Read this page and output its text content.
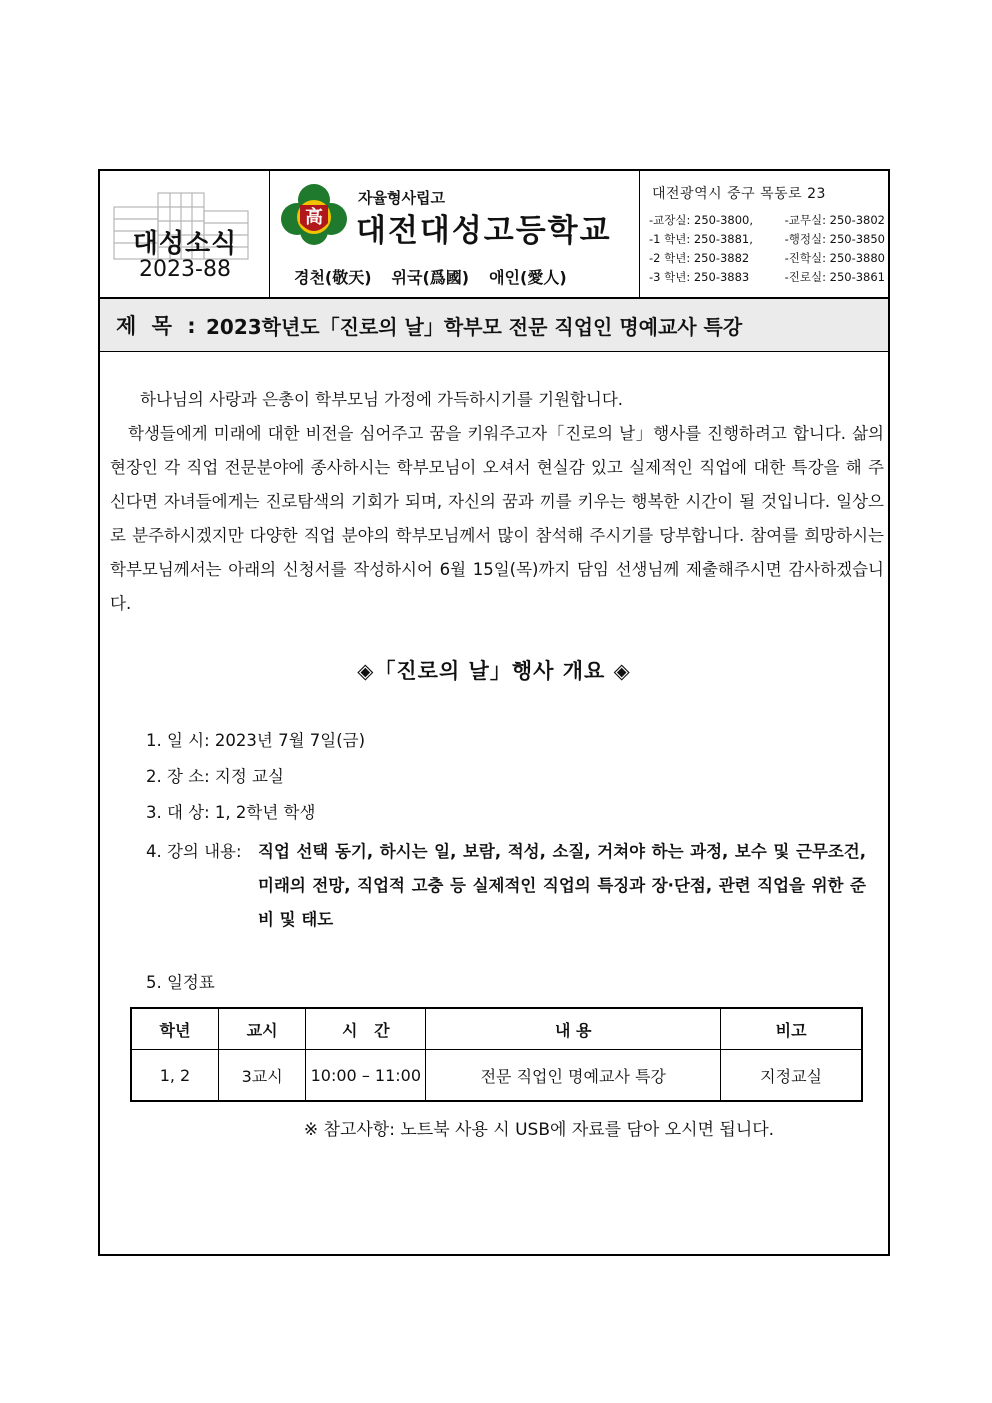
대성소식
2023-88
高
자율형사립고
대전대성고등학교
경천(敬天) 위국(爲國) 애인(愛人)
대전광역시 중구 목동로 23
-교장실: 250-3800,	-교무실: 250-3802
-1 학년: 250-3881,	-행정실: 250-3850
-2 학년: 250-3882	-진학실: 250-3880
-3 학년: 250-3883	-진로실: 250-3861
제 목 : 2023학년도「진로의 날」학부모 전문 직업인 명예교사 특강
하나님의 사랑과 은총이 학부모님 가정에 가득하시기를 기원합니다.
학생들에게 미래에 대한 비전을 심어주고 꿈을 키워주고자「진로의 날」행사를 진행하려고 합니다. 삶의 현장인 각 직업 전문분야에 종사하시는 학부모님이 오셔서 현실감 있고 실제적인 직업에 대한 특강을 해 주신다면 자녀들에게는 진로탐색의 기회가 되며, 자신의 꿈과 끼를 키우는 행복한 시간이 될 것입니다. 일상으로 분주하시겠지만 다양한 직업 분야의 학부모님께서 많이 참석해 주시기를 당부합니다. 참여를 희망하시는 학부모님께서는 아래의 신청서를 작성하시어 6월 15일(목)까지 담임 선생님께 제출해주시면 감사하겠습니다.
◈「진로의 날」행사 개요 ◈
1. 일 시: 2023년 7월 7일(금)
2. 장 소: 지정 교실
3. 대 상: 1, 2학년 학생
4. 강의 내용: 직업 선택 동기, 하시는 일, 보람, 적성, 소질, 거쳐야 하는 과정, 보수 및 근무조건, 미래의 전망, 직업적 고충 등 실제적인 직업의 특징과 장·단점, 관련 직업을 위한 준비 및 태도
5. 일정표
학년	교시	시   간	내 용	비고
1, 2	3교시	10:00 – 11:00	전문 직업인 명예교사 특강	지정교실
※ 참고사항: 노트북 사용 시 USB에 자료를 담아 오시면 됩니다.
